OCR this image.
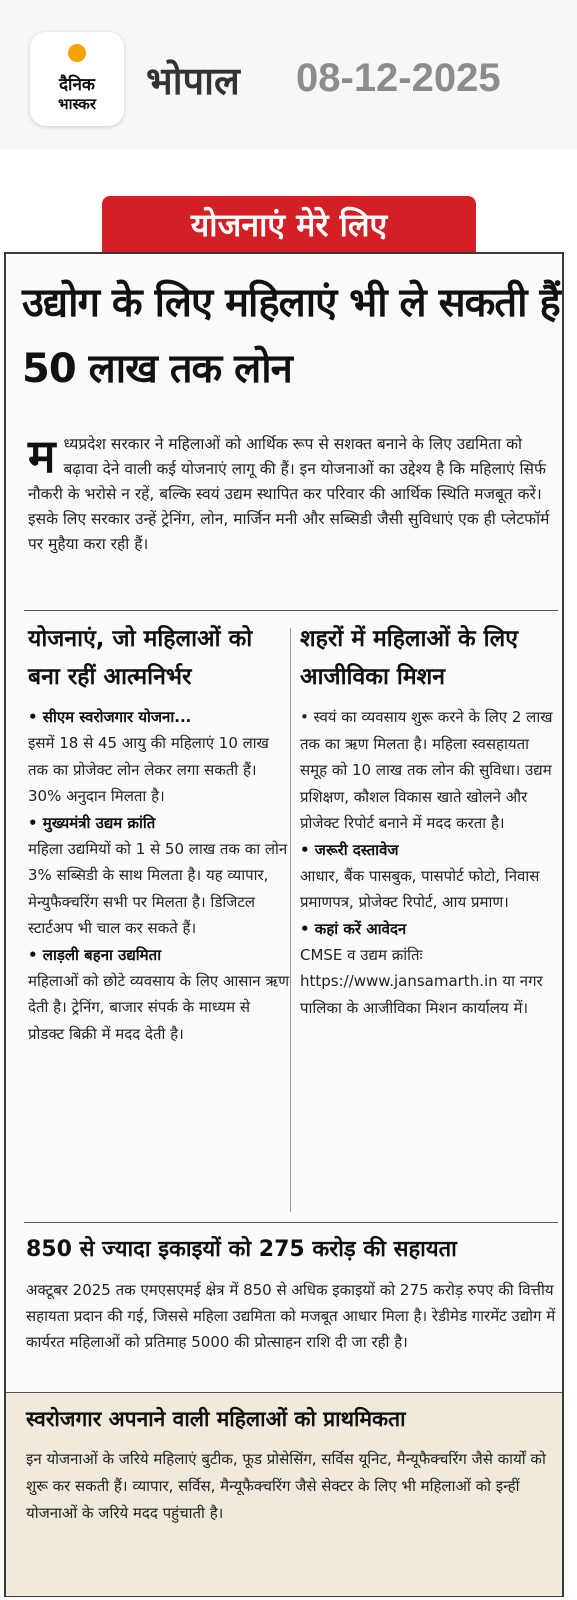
दैनिक
भास्कर
भोपाल 08-12-2025
योजनाएं मेरे लिए
उद्योग के लिए महिलाएं भी ले सकती हैं 50 लाख तक लोन
म ध्यप्रदेश सरकार ने महिलाओं को आर्थिक रूप से सशक्त बनाने के लिए उद्यमिता को बढ़ावा देने वाली कई योजनाएं लागू की हैं। इन योजनाओं का उद्देश्य है कि महिलाएं सिर्फ नौकरी के भरोसे न रहें, बल्कि स्वयं उद्यम स्थापित कर परिवार की आर्थिक स्थिति मजबूत करें। इसके लिए सरकार उन्हें ट्रेनिंग, लोन, मार्जिन मनी और सब्सिडी जैसी सुविधाएं एक ही प्लेटफॉर्म पर मुहैया करा रही हैं।
योजनाएं, जो महिलाओं को बना रहीं आत्मनिर्भर
• सीएम स्वरोजगार योजना...
इसमें 18 से 45 आयु की महिलाएं 10 लाख तक का प्रोजेक्ट लोन लेकर लगा सकती हैं। 30% अनुदान मिलता है।
• मुख्यमंत्री उद्यम क्रांति
महिला उद्यमियों को 1 से 50 लाख तक का लोन 3% सब्सिडी के साथ मिलता है। यह व्यापार, मेन्युफैक्चरिंग सभी पर मिलता है। डिजिटल स्टार्टअप भी चाल कर सकते हैं।
• लाड़ली बहना उद्यमिता
महिलाओं को छोटे व्यवसाय के लिए आसान ऋण देती है। ट्रेनिंग, बाजार संपर्क के माध्यम से प्रोडक्ट बिक्री में मदद देती है।
शहरों में महिलाओं के लिए आजीविका मिशन
• स्वयं का व्यवसाय शुरू करने के लिए 2 लाख तक का ऋण मिलता है। महिला स्वसहायता समूह को 10 लाख तक लोन की सुविधा। उद्यम प्रशिक्षण, कौशल विकास खाते खोलने और प्रोजेक्ट रिपोर्ट बनाने में मदद करता है।
• जरूरी दस्तावेज
आधार, बैंक पासबुक, पासपोर्ट फोटो, निवास प्रमाणपत्र, प्रोजेक्ट रिपोर्ट, आय प्रमाण।
• कहां करें आवेदन
CMSE व उद्यम क्रांतिः https://www.jansamarth.in या नगर पालिका के आजीविका मिशन कार्यालय में।
850 से ज्यादा इकाइयों को 275 करोड़ की सहायता
अक्टूबर 2025 तक एमएसएमई क्षेत्र में 850 से अधिक इकाइयों को 275 करोड़ रुपए की वित्तीय सहायता प्रदान की गई, जिससे महिला उद्यमिता को मजबूत आधार मिला है। रेडीमेड गारमेंट उद्योग में कार्यरत महिलाओं को प्रतिमाह 5000 की प्रोत्साहन राशि दी जा रही है।
स्वरोजगार अपनाने वाली महिलाओं को प्राथमिकता
इन योजनाओं के जरिये महिलाएं बुटीक, फूड प्रोसेसिंग, सर्विस यूनिट, मैन्यूफैक्चरिंग जैसे कार्यों को शुरू कर सकती हैं। व्यापार, सर्विस, मैन्यूफैक्चरिंग जैसे सेक्टर के लिए भी महिलाओं को इन्हीं योजनाओं के जरिये मदद पहुंचाती है।
